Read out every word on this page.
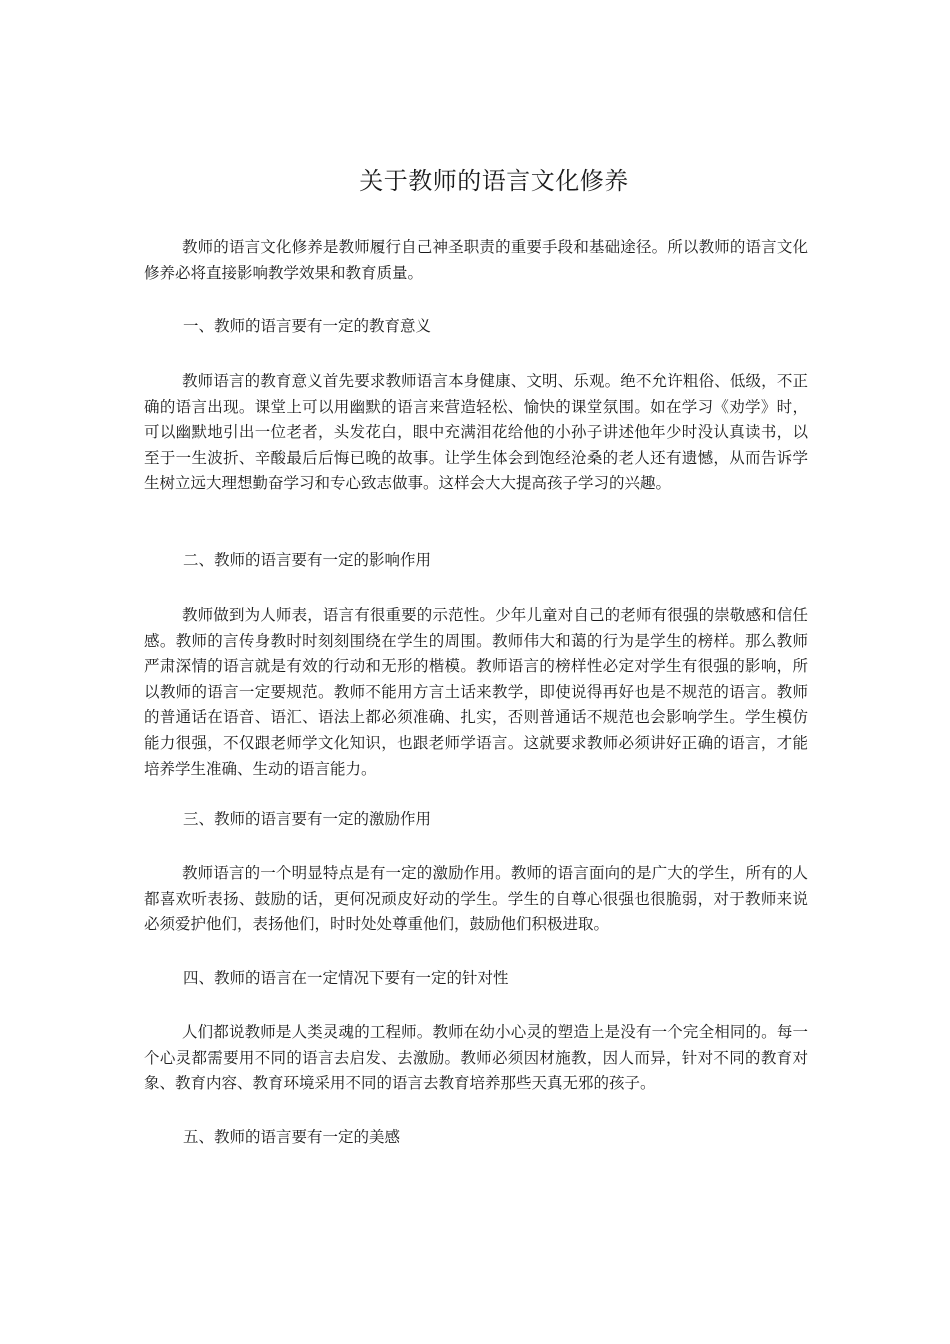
关于教师的语言文化修养

教师的语言文化修养是教师履行自己神圣职责的重要手段和基础途径。所以教师的语言文化修养必将直接影响教学效果和教育质量。

一、教师的语言要有一定的教育意义

教师语言的教育意义首先要求教师语言本身健康、文明、乐观。绝不允许粗俗、低级，不正确的语言出现。课堂上可以用幽默的语言来营造轻松、愉快的课堂氛围。如在学习《劝学》时，可以幽默地引出一位老者，头发花白，眼中充满泪花给他的小孙子讲述他年少时没认真读书，以至于一生波折、辛酸最后后悔已晚的故事。让学生体会到饱经沧桑的老人还有遗憾，从而告诉学生树立远大理想勤奋学习和专心致志做事。这样会大大提高孩子学习的兴趣。

二、教师的语言要有一定的影响作用

教师做到为人师表，语言有很重要的示范性。少年儿童对自己的老师有很强的崇敬感和信任感。教师的言传身教时时刻刻围绕在学生的周围。教师伟大和蔼的行为是学生的榜样。那么教师严肃深情的语言就是有效的行动和无形的楷模。教师语言的榜样性必定对学生有很强的影响，所以教师的语言一定要规范。教师不能用方言土话来教学，即使说得再好也是不规范的语言。教师的普通话在语音、语汇、语法上都必须准确、扎实，否则普通话不规范也会影响学生。学生模仿能力很强，不仅跟老师学文化知识，也跟老师学语言。这就要求教师必须讲好正确的语言，才能培养学生准确、生动的语言能力。

三、教师的语言要有一定的激励作用

教师语言的一个明显特点是有一定的激励作用。教师的语言面向的是广大的学生，所有的人都喜欢听表扬、鼓励的话，更何况顽皮好动的学生。学生的自尊心很强也很脆弱，对于教师来说必须爱护他们，表扬他们，时时处处尊重他们，鼓励他们积极进取。

四、教师的语言在一定情况下要有一定的针对性

人们都说教师是人类灵魂的工程师。教师在幼小心灵的塑造上是没有一个完全相同的。每一个心灵都需要用不同的语言去启发、去激励。教师必须因材施教，因人而异，针对不同的教育对象、教育内容、教育环境采用不同的语言去教育培养那些天真无邪的孩子。

五、教师的语言要有一定的美感
